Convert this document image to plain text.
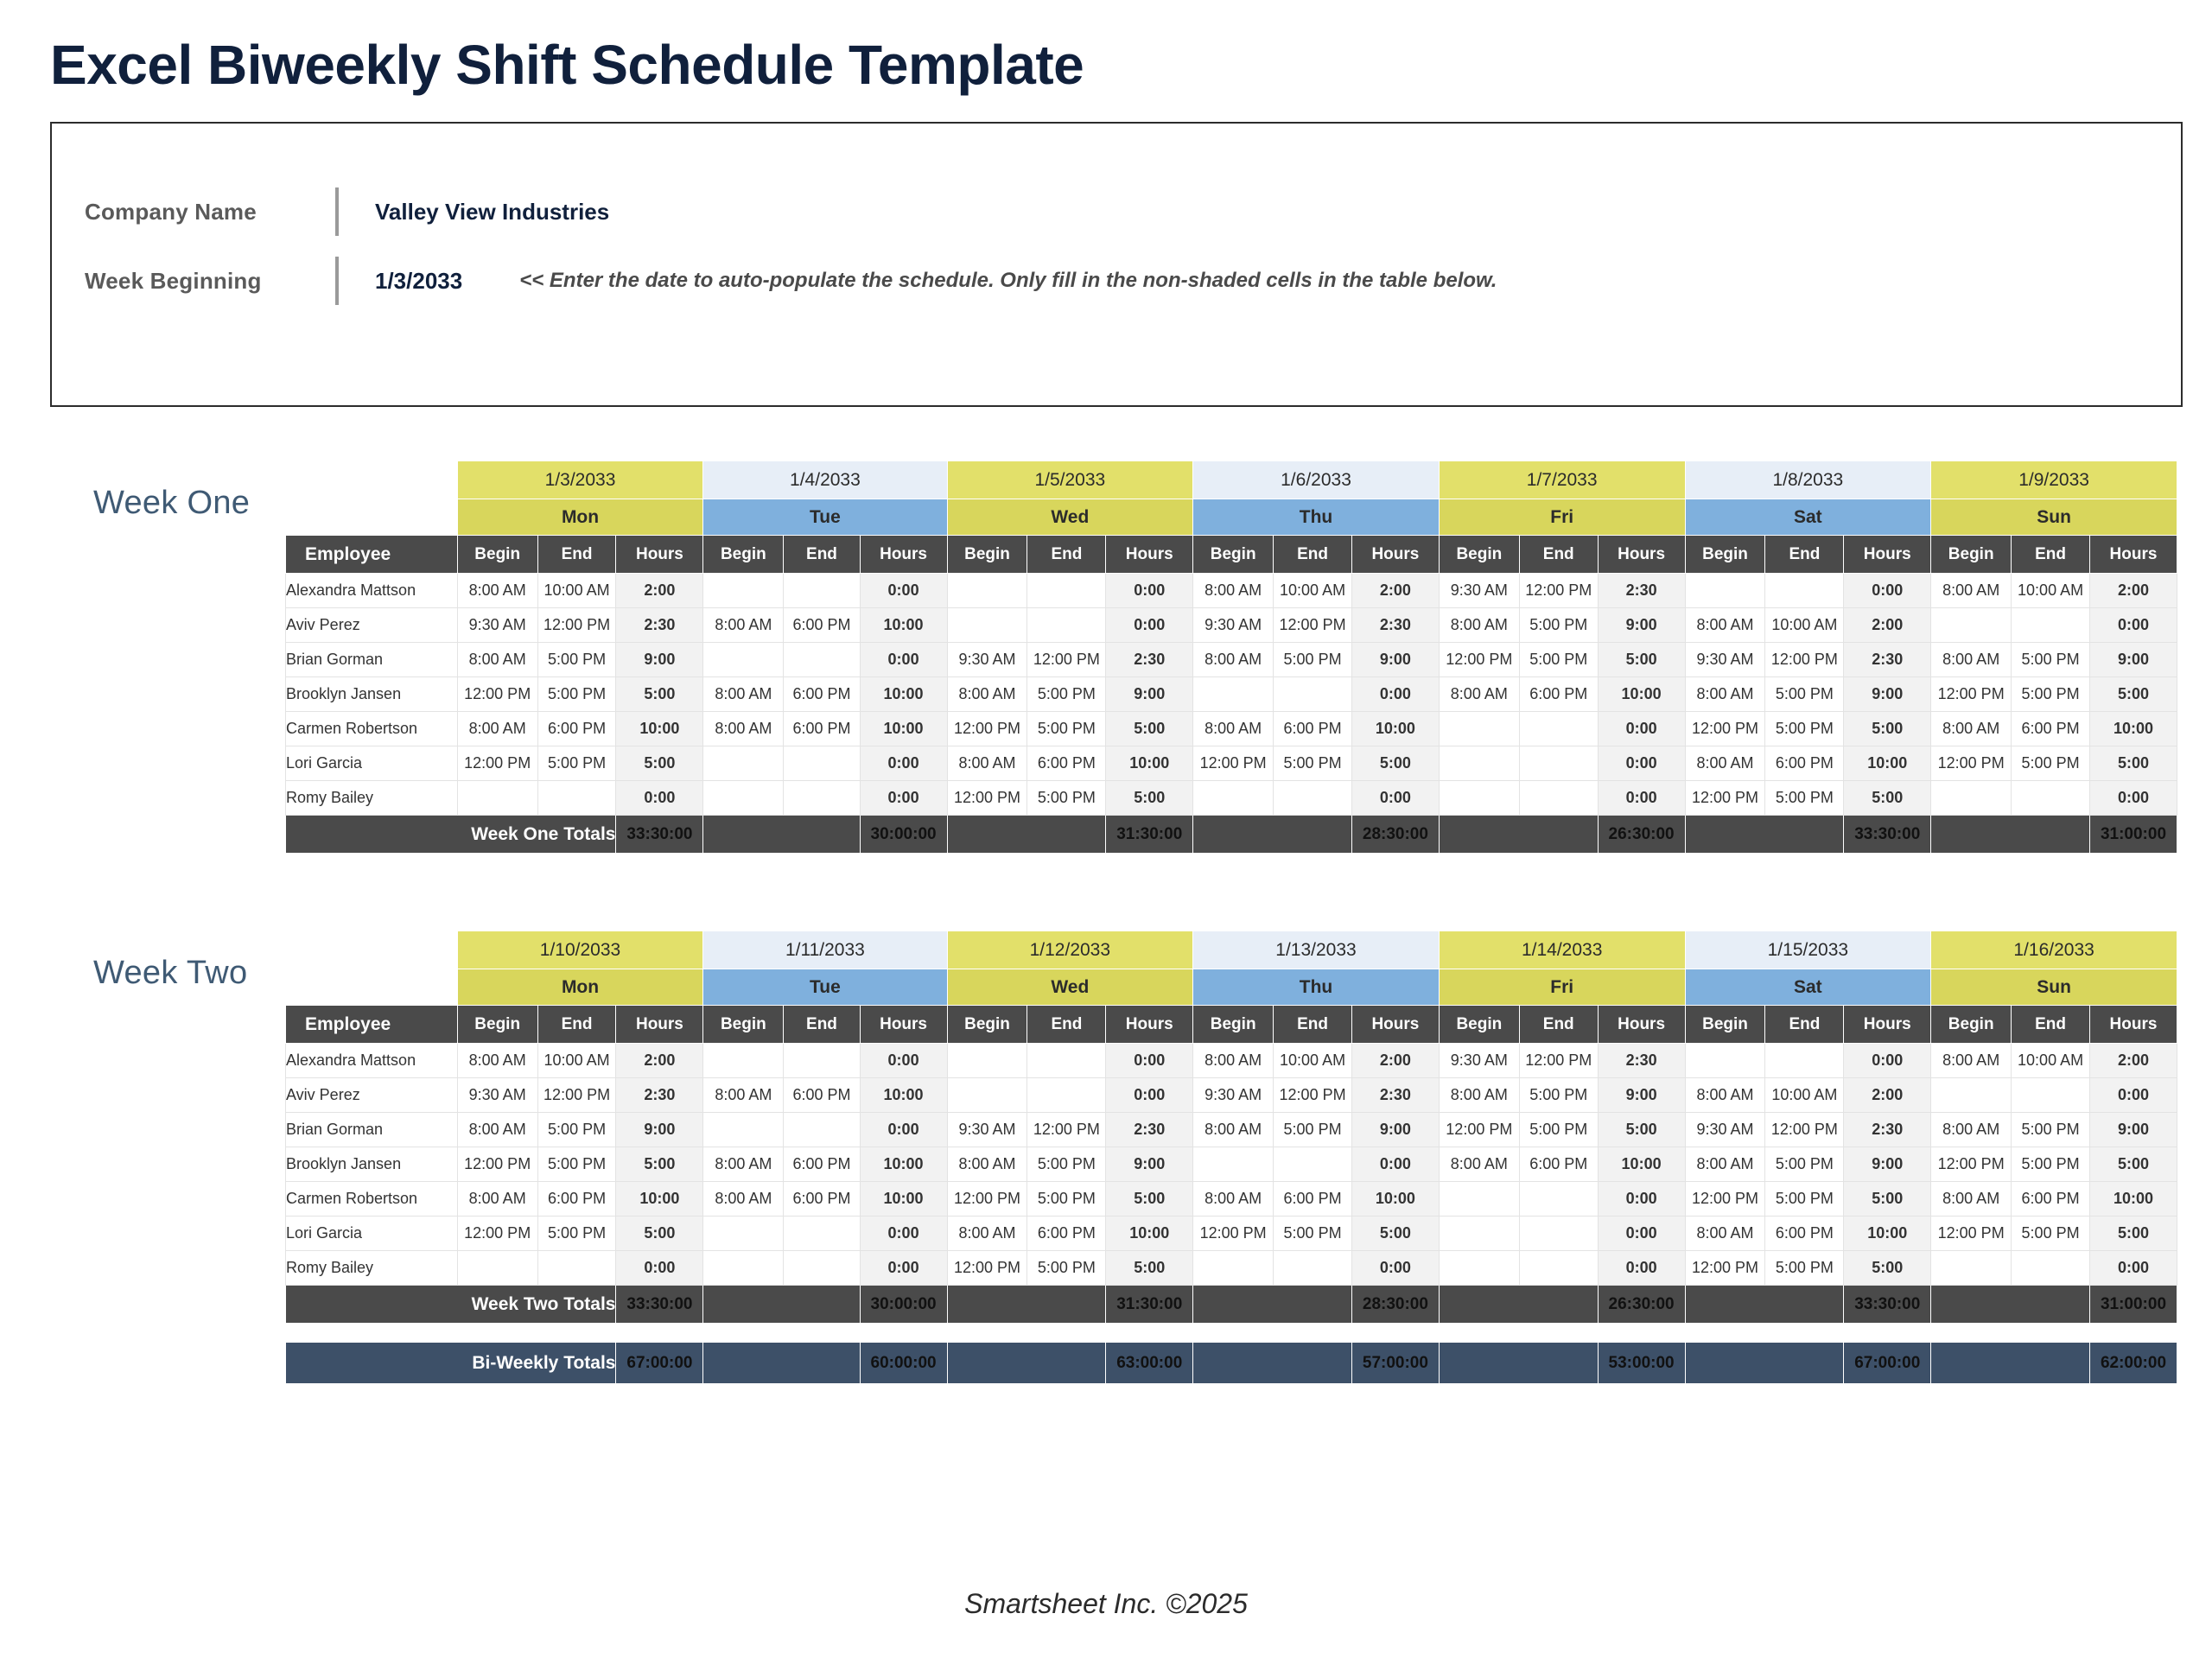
Excel Biweekly Shift Schedule Template
Company Name	Valley View Industries
Week Beginning	1/3/2033	<< Enter the date to auto-populate the schedule. Only fill in the non-shaded cells in the table below.
Week One
	1/3/2033			1/4/2033			1/5/2033			1/6/2033			1/7/2033			1/8/2033			1/9/2033		
	Mon			Tue			Wed			Thu			Fri			Sat			Sun		
Employee	Begin	End	Hours	Begin	End	Hours	Begin	End	Hours	Begin	End	Hours	Begin	End	Hours	Begin	End	Hours	Begin	End	Hours
Alexandra Mattson	8:00 AM	10:00 AM	2:00			0:00			0:00	8:00 AM	10:00 AM	2:00	9:30 AM	12:00 PM	2:30			0:00	8:00 AM	10:00 AM	2:00
Aviv Perez	9:30 AM	12:00 PM	2:30	8:00 AM	6:00 PM	10:00			0:00	9:30 AM	12:00 PM	2:30	8:00 AM	5:00 PM	9:00	8:00 AM	10:00 AM	2:00			0:00
Brian Gorman	8:00 AM	5:00 PM	9:00			0:00	9:30 AM	12:00 PM	2:30	8:00 AM	5:00 PM	9:00	12:00 PM	5:00 PM	5:00	9:30 AM	12:00 PM	2:30	8:00 AM	5:00 PM	9:00
Brooklyn Jansen	12:00 PM	5:00 PM	5:00	8:00 AM	6:00 PM	10:00	8:00 AM	5:00 PM	9:00			0:00	8:00 AM	6:00 PM	10:00	8:00 AM	5:00 PM	9:00	12:00 PM	5:00 PM	5:00
Carmen Robertson	8:00 AM	6:00 PM	10:00	8:00 AM	6:00 PM	10:00	12:00 PM	5:00 PM	5:00	8:00 AM	6:00 PM	10:00			0:00	12:00 PM	5:00 PM	5:00	8:00 AM	6:00 PM	10:00
Lori Garcia	12:00 PM	5:00 PM	5:00			0:00	8:00 AM	6:00 PM	10:00	12:00 PM	5:00 PM	5:00			0:00	8:00 AM	6:00 PM	10:00	12:00 PM	5:00 PM	5:00
Romy Bailey			0:00			0:00	12:00 PM	5:00 PM	5:00			0:00			0:00	12:00 PM	5:00 PM	5:00			0:00
Week One Totals			33:30:00			30:00:00			31:30:00			28:30:00			26:30:00			33:30:00			31:00:00
Week Two
	1/10/2033			1/11/2033			1/12/2033			1/13/2033			1/14/2033			1/15/2033			1/16/2033		
	Mon			Tue			Wed			Thu			Fri			Sat			Sun		
Employee	Begin	End	Hours	Begin	End	Hours	Begin	End	Hours	Begin	End	Hours	Begin	End	Hours	Begin	End	Hours	Begin	End	Hours
Alexandra Mattson	8:00 AM	10:00 AM	2:00			0:00			0:00	8:00 AM	10:00 AM	2:00	9:30 AM	12:00 PM	2:30			0:00	8:00 AM	10:00 AM	2:00
Aviv Perez	9:30 AM	12:00 PM	2:30	8:00 AM	6:00 PM	10:00			0:00	9:30 AM	12:00 PM	2:30	8:00 AM	5:00 PM	9:00	8:00 AM	10:00 AM	2:00			0:00
Brian Gorman	8:00 AM	5:00 PM	9:00			0:00	9:30 AM	12:00 PM	2:30	8:00 AM	5:00 PM	9:00	12:00 PM	5:00 PM	5:00	9:30 AM	12:00 PM	2:30	8:00 AM	5:00 PM	9:00
Brooklyn Jansen	12:00 PM	5:00 PM	5:00	8:00 AM	6:00 PM	10:00	8:00 AM	5:00 PM	9:00			0:00	8:00 AM	6:00 PM	10:00	8:00 AM	5:00 PM	9:00	12:00 PM	5:00 PM	5:00
Carmen Robertson	8:00 AM	6:00 PM	10:00	8:00 AM	6:00 PM	10:00	12:00 PM	5:00 PM	5:00	8:00 AM	6:00 PM	10:00			0:00	12:00 PM	5:00 PM	5:00	8:00 AM	6:00 PM	10:00
Lori Garcia	12:00 PM	5:00 PM	5:00			0:00	8:00 AM	6:00 PM	10:00	12:00 PM	5:00 PM	5:00			0:00	8:00 AM	6:00 PM	10:00	12:00 PM	5:00 PM	5:00
Romy Bailey			0:00			0:00	12:00 PM	5:00 PM	5:00			0:00			0:00	12:00 PM	5:00 PM	5:00			0:00
Week Two Totals			33:30:00			30:00:00			31:30:00			28:30:00			26:30:00			33:30:00			31:00:00

Bi-Weekly Totals			67:00:00			60:00:00			63:00:00			57:00:00			53:00:00			67:00:00			62:00:00
Smartsheet Inc. ©2025
